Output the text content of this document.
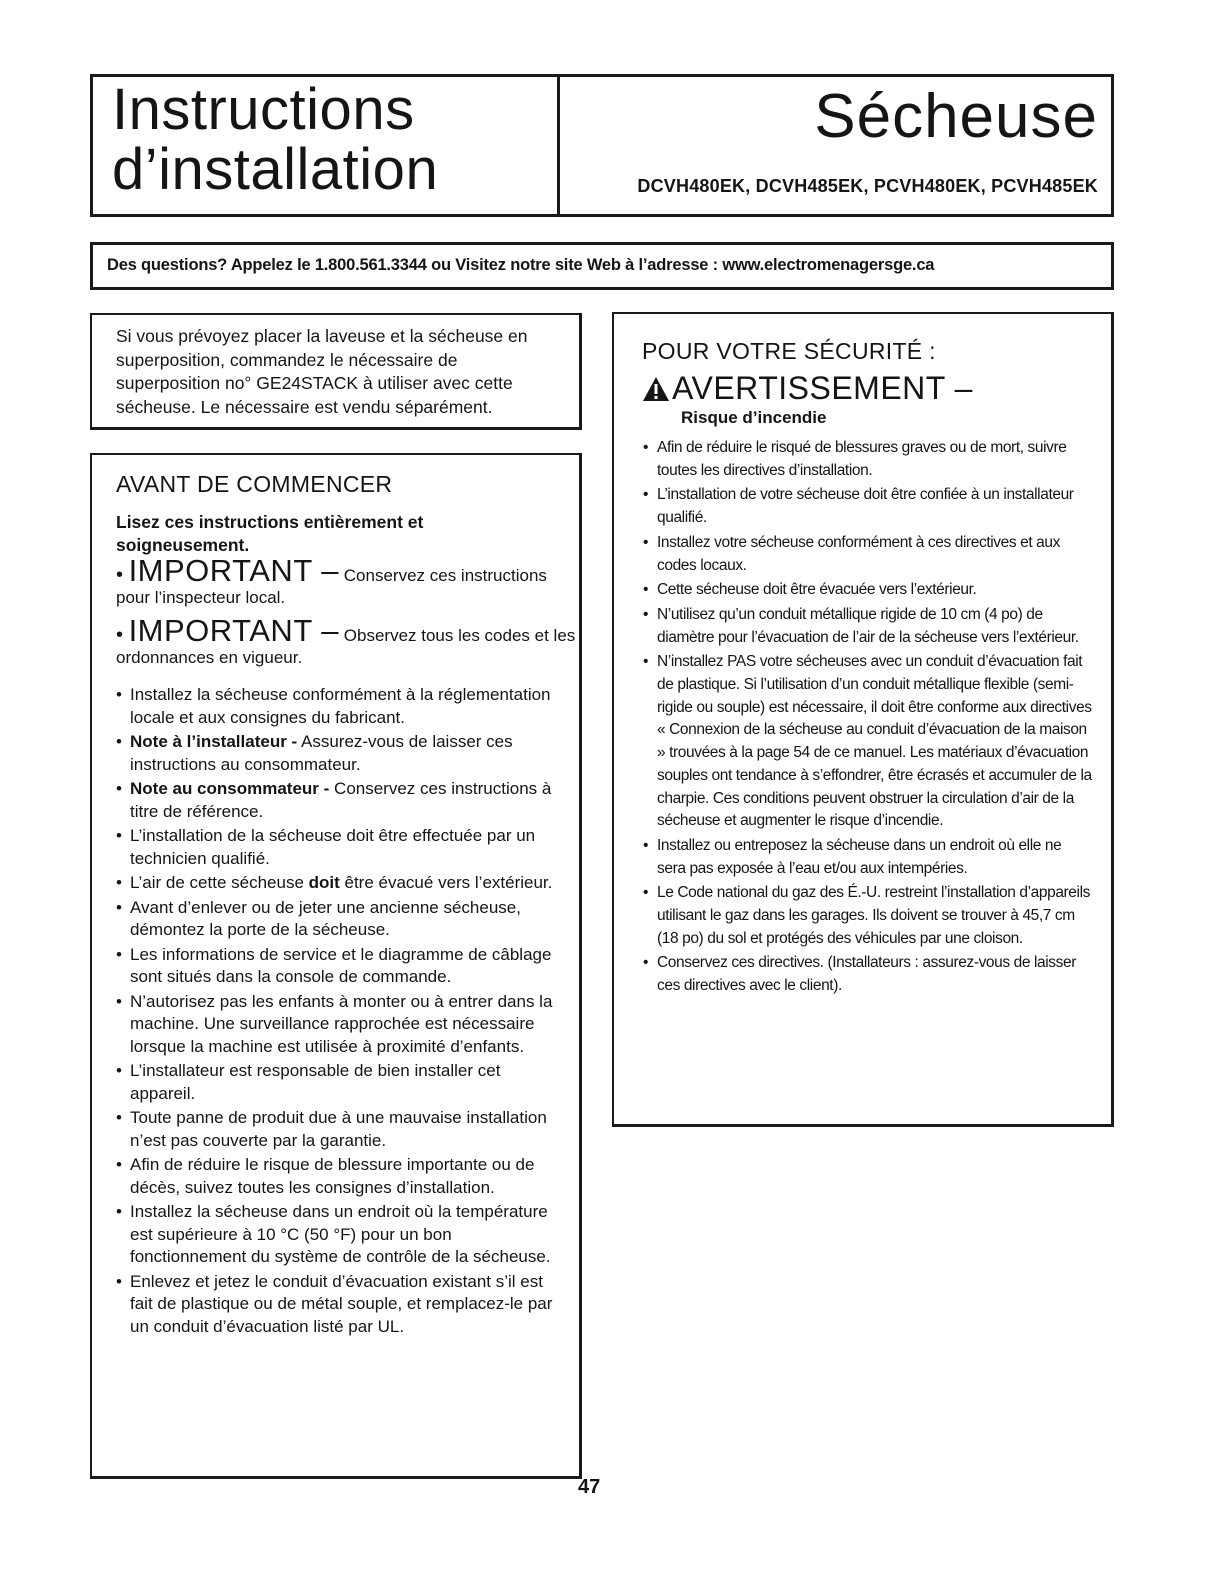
Instructions
d’installation
Sécheuse
DCVH480EK, DCVH485EK, PCVH480EK, PCVH485EK
Des questions? Appelez le 1.800.561.3344 ou Visitez notre site Web à l’adresse : www.electromenagersge.ca
Si vous prévoyez placer la laveuse et la sécheuse en superposition, commandez le nécessaire de superposition no° GE24STACK à utiliser avec cette sécheuse. Le nécessaire est vendu séparément.
AVANT DE COMMENCER
Lisez ces instructions entièrement et soigneusement.
• IMPORTANT – Conservez ces instructions pour l’inspecteur local.
• IMPORTANT – Observez tous les codes et les ordonnances en vigueur.
• Installez la sécheuse conformément à la réglementation locale et aux consignes du fabricant.
• Note à l’installateur - Assurez-vous de laisser ces instructions au consommateur.
• Note au consommateur - Conservez ces instructions à titre de référence.
• L’installation de la sécheuse doit être effectuée par un technicien qualifié.
• L’air de cette sécheuse doit être évacué vers l’extérieur.
• Avant d’enlever ou de jeter une ancienne sécheuse, démontez la porte de la sécheuse.
• Les informations de service et le diagramme de câblage sont situés dans la console de commande.
• N’autorisez pas les enfants à monter ou à entrer dans la machine. Une surveillance rapprochée est nécessaire lorsque la machine est utilisée à proximité d’enfants.
• L’installateur est responsable de bien installer cet appareil.
• Toute panne de produit due à une mauvaise installation n’est pas couverte par la garantie.
• Afin de réduire le risque de blessure importante ou de décès, suivez toutes les consignes d’installation.
• Installez la sécheuse dans un endroit où la température est supérieure à 10 °C (50 °F) pour un bon fonctionnement du système de contrôle de la sécheuse.
• Enlevez et jetez le conduit d’évacuation existant s’il est fait de plastique ou de métal souple, et remplacez-le par un conduit d’évacuation listé par UL.
POUR VOTRE SÉCURITÉ :
AVERTISSEMENT –
Risque d’incendie
• Afin de réduire le risqué de blessures graves ou de mort, suivre toutes les directives d’installation.
• L’installation de votre sécheuse doit être confiée à un installateur qualifié.
• Installez votre sécheuse conformément à ces directives et aux codes locaux.
• Cette sécheuse doit être évacuée vers l’extérieur.
• N’utilisez qu’un conduit métallique rigide de 10 cm (4 po) de diamètre pour l’évacuation de l’air de la sécheuse vers l’extérieur.
• N’installez PAS votre sécheuses avec un conduit d’évacuation fait de plastique. Si l’utilisation d’un conduit métallique flexible (semi-rigide ou souple) est nécessaire, il doit être conforme aux directives « Connexion de la sécheuse au conduit d’évacuation de la maison » trouvées à la page 54 de ce manuel. Les matériaux d’évacuation souples ont tendance à s’effondrer, être écrasés et accumuler de la charpie. Ces conditions peuvent obstruer la circulation d’air de la sécheuse et augmenter le risque d’incendie.
• Installez ou entreposez la sécheuse dans un endroit où elle ne sera pas exposée à l’eau et/ou aux intempéries.
• Le Code national du gaz des É.-U. restreint l’installation d’appareils utilisant le gaz dans les garages. Ils doivent se trouver à 45,7 cm (18 po) du sol et protégés des véhicules par une cloison.
• Conservez ces directives. (Installateurs : assurez-vous de laisser ces directives avec le client).
47
